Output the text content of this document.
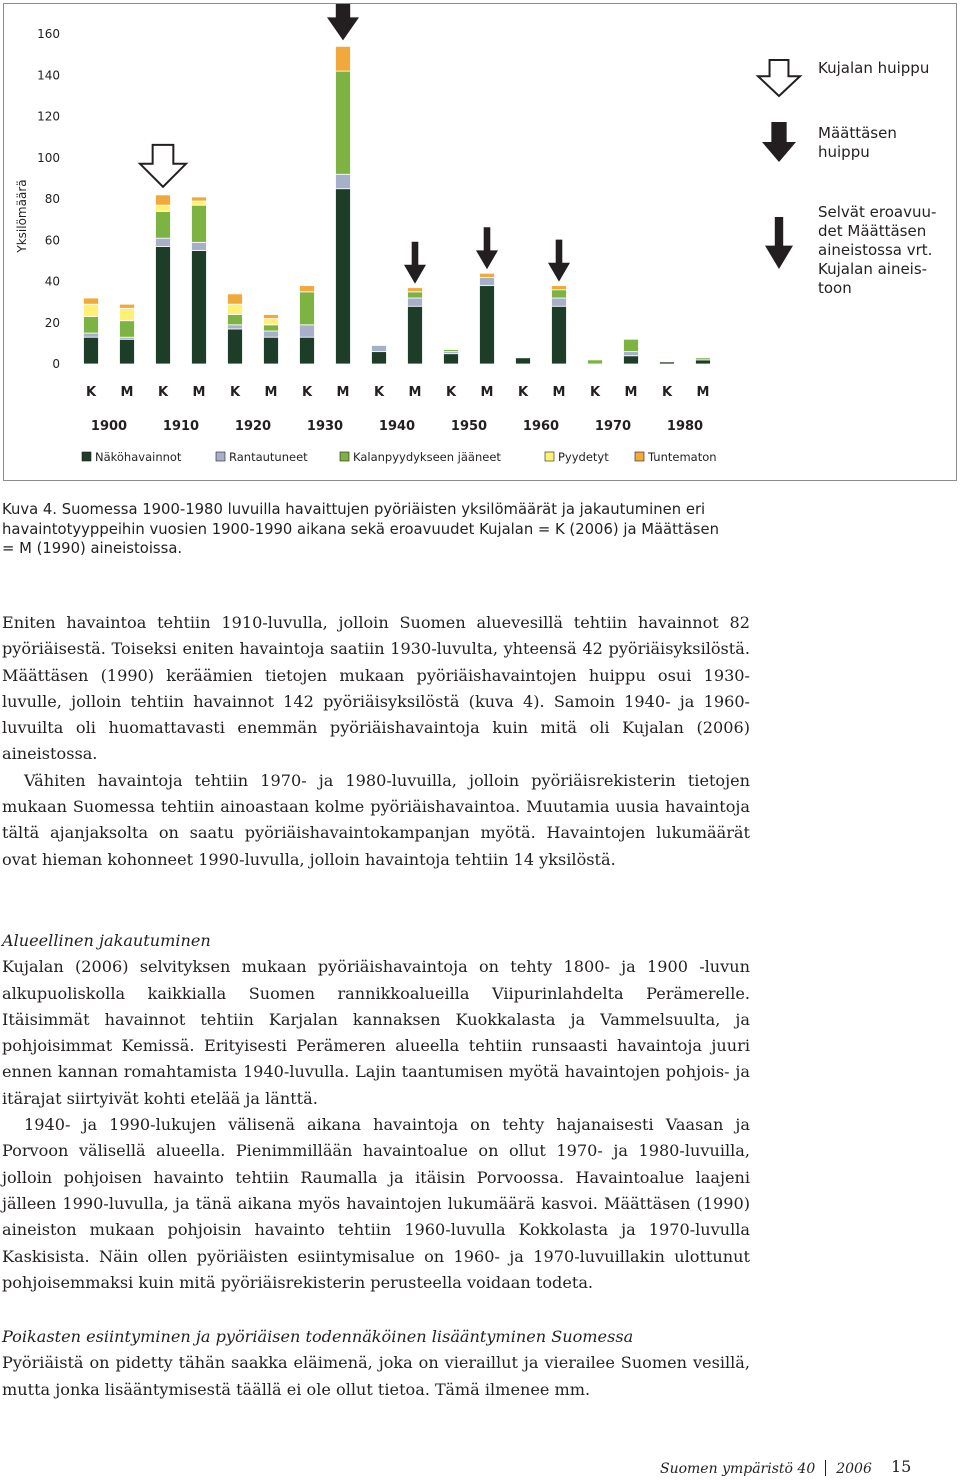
Yksilömäärä
0
20
40
60
80
100
120
140
160
K M K M K M K M K M K M K M K M K M
1900	1910	1920	1930	1940	1950	1960	1970	1980
Näköhavainnot	Rantautuneet	Kalanpyydykseen jääneet	Pyydetyt	Tuntematon
Kujalan huippu
Määttäsen
huippu
Selvät eroavuu-
det Määttäsen
aineistossa vrt.
Kujalan aineis-
toon

Kuva 4. Suomessa 1900-1980 luvuilla havaittujen pyöriäisten yksilömäärät ja jakautuminen eri havaintotyyppeihin vuosien 1900-1990 aikana sekä eroavuudet Kujalan = K (2006) ja Määttäsen = M (1990) aineistoissa.

Eniten havaintoa tehtiin 1910-luvulla, jolloin Suomen aluevesillä tehtiin havainnot 82 pyöriäisestä. Toiseksi eniten havaintoja saatiin 1930-luvulta, yhteensä 42 pyöriäisyksilöstä. Määttäsen (1990) keräämien tietojen mukaan pyöriäishavaintojen huippu osui 1930-luvulle, jolloin tehtiin havainnot 142 pyöriäisyksilöstä (kuva 4). Samoin 1940- ja 1960-luvuilta oli huomattavasti enemmän pyöriäishavaintoja kuin mitä oli Kujalan (2006) aineistossa.

Vähiten havaintoja tehtiin 1970- ja 1980-luvuilla, jolloin pyöriäisrekisterin tietojen mukaan Suomessa tehtiin ainoastaan kolme pyöriäishavaintoa. Muutamia uusia havaintoja tältä ajanjaksolta on saatu pyöriäishavaintokampanjan myötä. Havaintojen lukumäärät ovat hieman kohonneet 1990-luvulla, jolloin havaintoja tehtiin 14 yksilöstä.

Alueellinen jakautuminen

Kujalan (2006) selvityksen mukaan pyöriäishavaintoja on tehty 1800- ja 1900 -luvun alkupuoliskolla kaikkialla Suomen rannikkoalueilla Viipurinlahdelta Perämerelle. Itäisimmät havainnot tehtiin Karjalan kannaksen Kuokkalasta ja Vammelsuulta, ja pohjoisimmat Kemissä. Erityisesti Perämeren alueella tehtiin runsaasti havaintoja juuri ennen kannan romahtamista 1940-luvulla. Lajin taantumisen myötä havaintojen pohjois- ja itärajat siirtyivät kohti etelää ja länttä.

1940- ja 1990-lukujen välisenä aikana havaintoja on tehty hajanaisesti Vaasan ja Porvoon välisellä alueella. Pienimmillään havaintoalue on ollut 1970- ja 1980-luvuilla, jolloin pohjoisen havainto tehtiin Raumalla ja itäisin Porvoossa. Havaintoalue laajeni jälleen 1990-luvulla, ja tänä aikana myös havaintojen lukumäärä kasvoi. Määttäsen (1990) aineiston mukaan pohjoisin havainto tehtiin 1960-luvulla Kokkolasta ja 1970-luvulla Kaskisista. Näin ollen pyöriäisten esiintymisalue on 1960- ja 1970-luvuillakin ulottunut pohjoisemmaksi kuin mitä pyöriäisrekisterin perusteella voidaan todeta.

Poikasten esiintyminen ja pyöriäisen todennäköinen lisääntyminen Suomessa

Pyöriäistä on pidetty tähän saakka eläimenä, joka on vieraillut ja vierailee Suomen vesillä, mutta jonka lisääntymisestä täällä ei ole ollut tietoa. Tämä ilmenee mm.

Suomen ympäristö 40 2006 15
